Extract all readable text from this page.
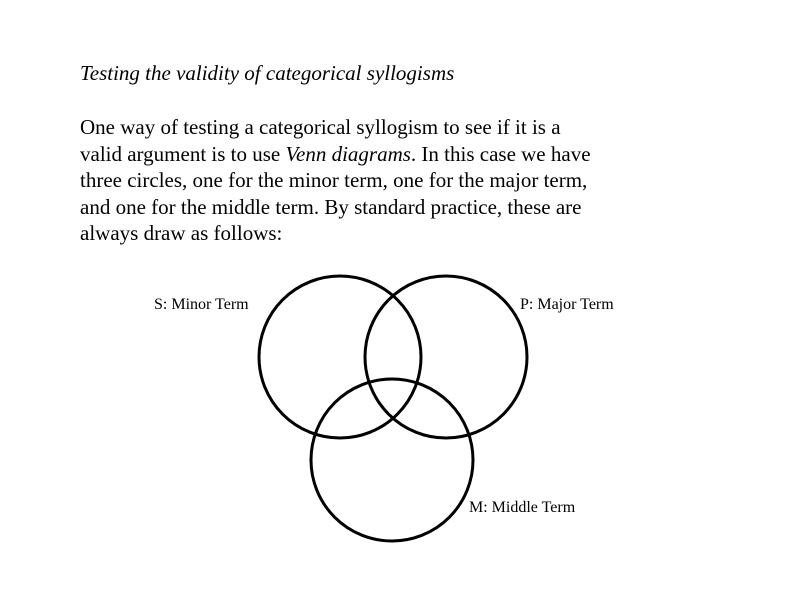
Testing the validity of categorical syllogisms
One way of testing a categorical syllogism to see if it is a
valid argument is to use Venn diagrams. In this case we have
three circles, one for the minor term, one for the major term,
and one for the middle term. By standard practice, these are
always draw as follows:
S: Minor Term	P: Major Term
M: Middle Term
